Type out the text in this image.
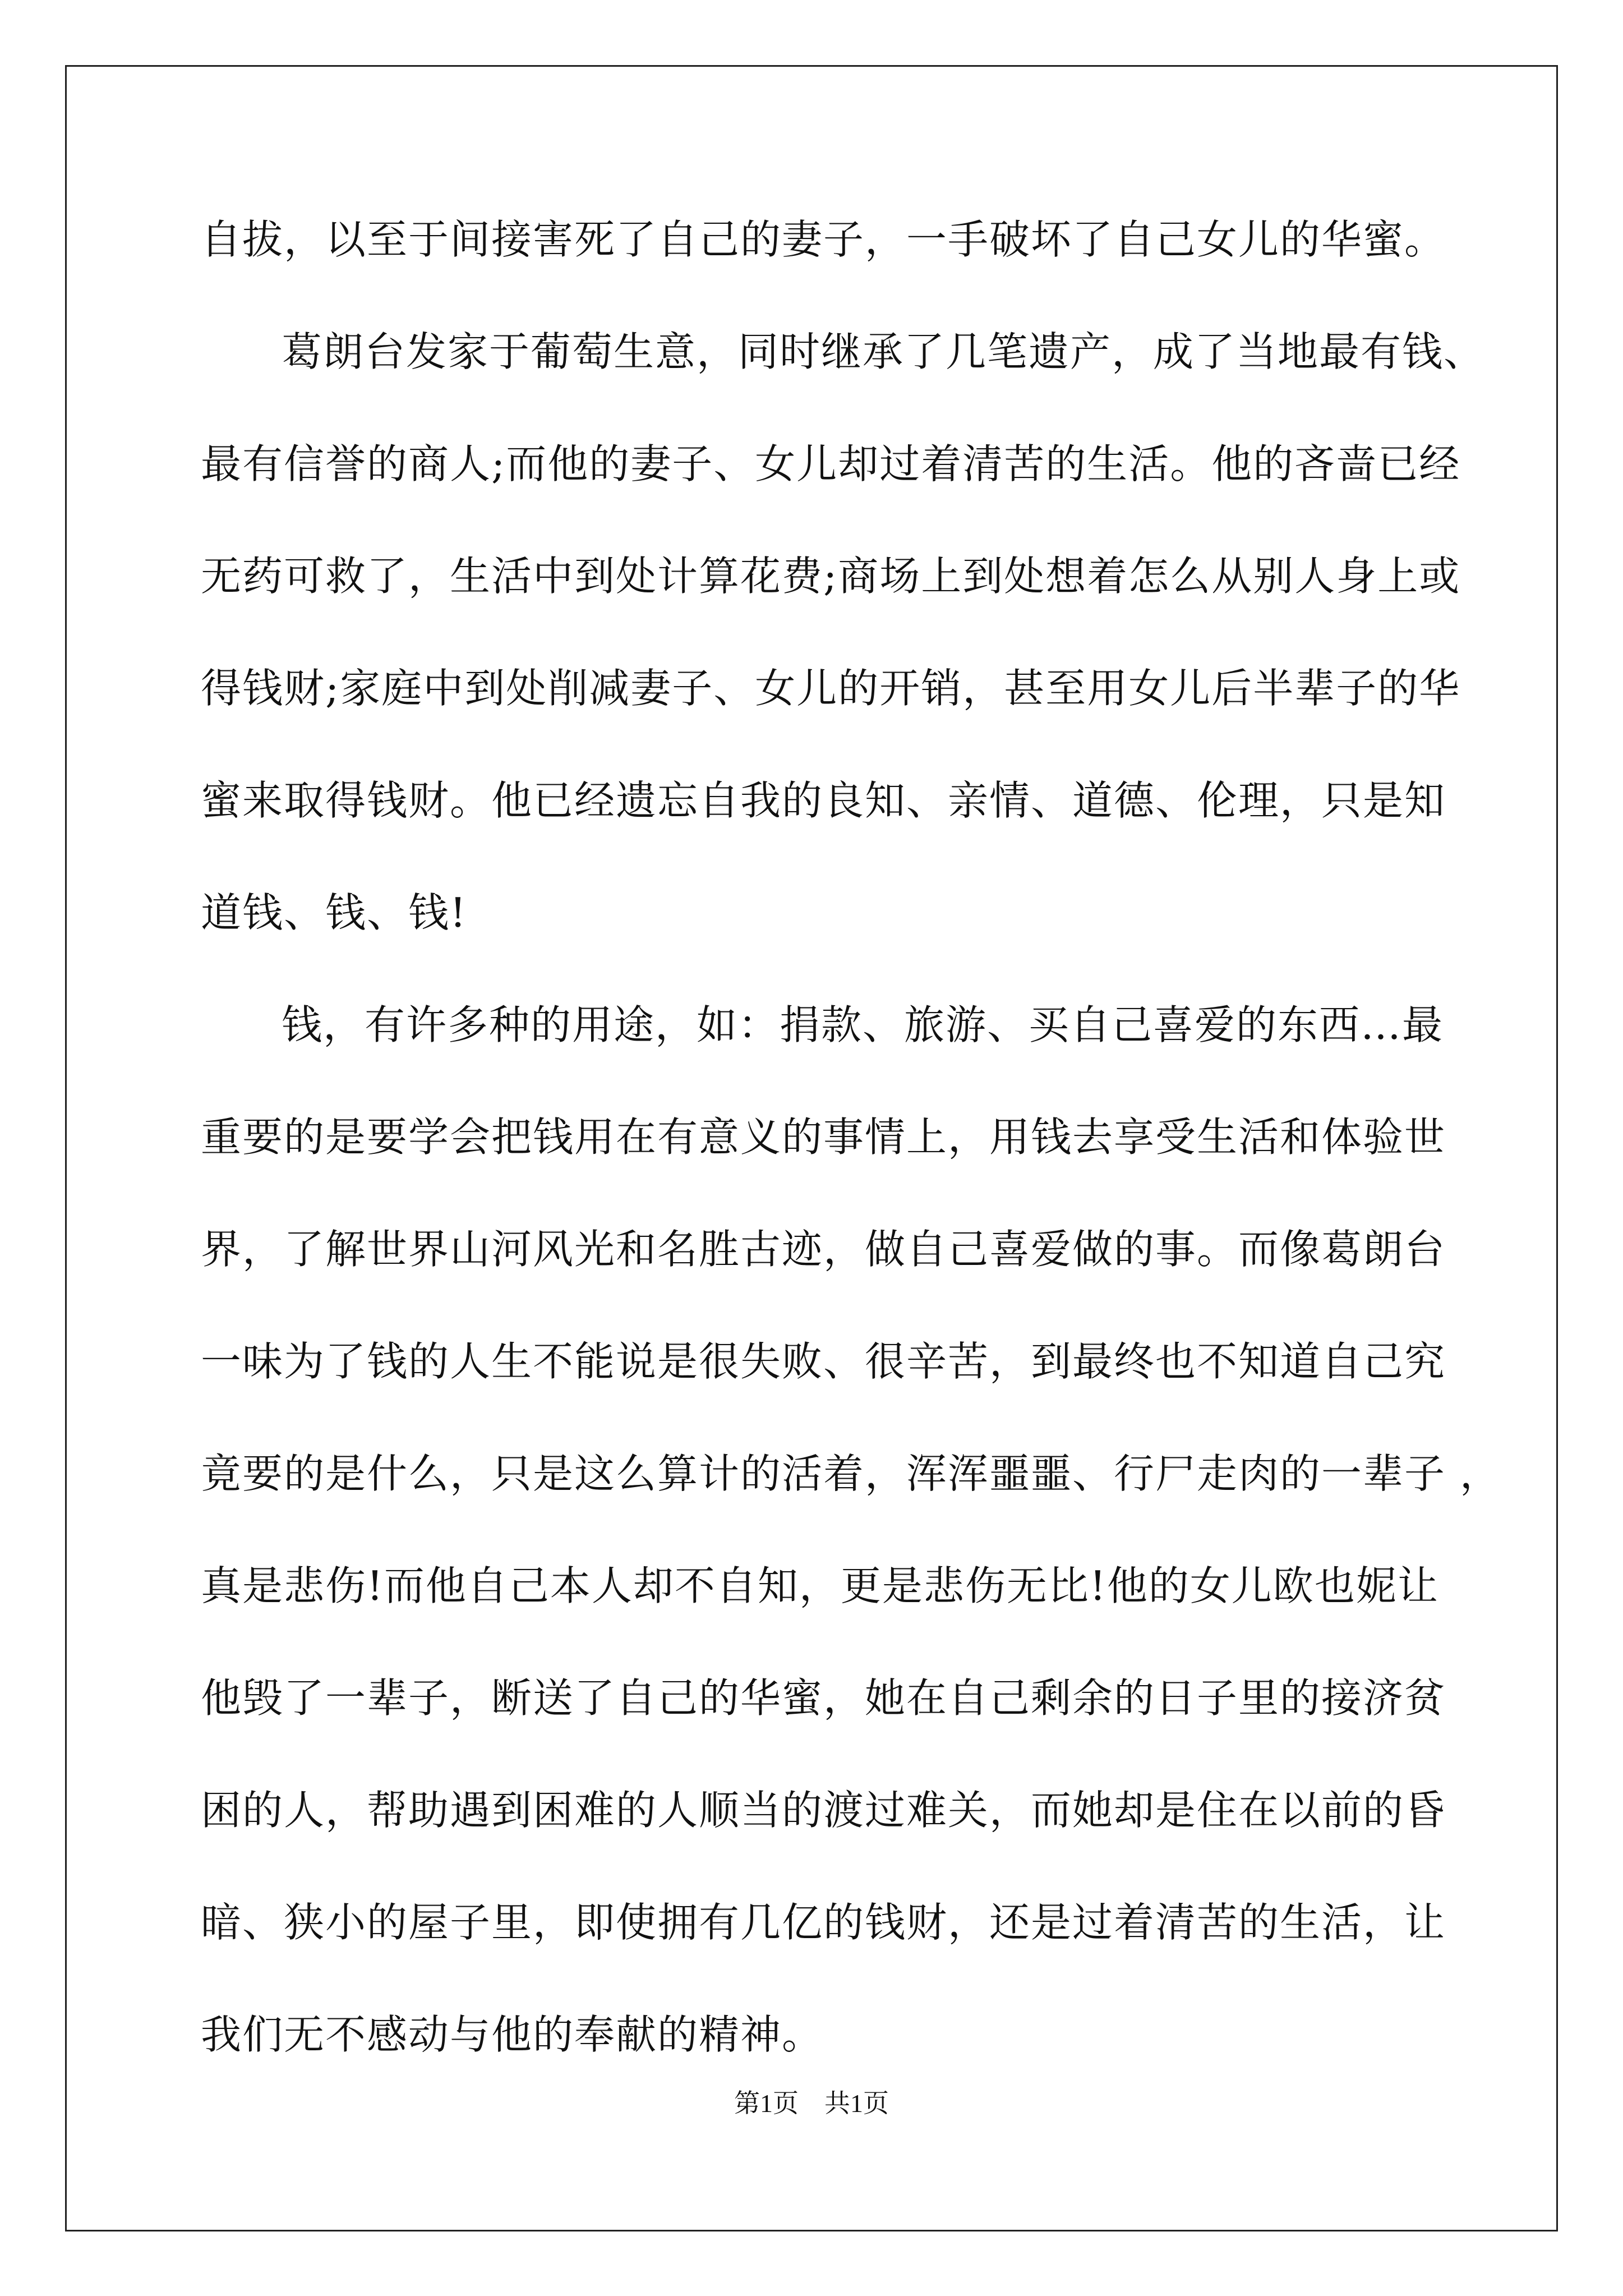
自拔，以至于间接害死了自己的妻子，一手破坏了自己女儿的华蜜。
葛朗台发家于葡萄生意，同时继承了几笔遗产，成了当地最有钱、
最有信誉的商人;而他的妻子、女儿却过着清苦的生活。他的吝啬已经
无药可救了，生活中到处计算花费;商场上到处想着怎么从别人身上或
得钱财;家庭中到处削减妻子、女儿的开销，甚至用女儿后半辈子的华
蜜来取得钱财。他已经遗忘自我的良知、亲情、道德、伦理，只是知
道钱、钱、钱!
钱，有许多种的用途，如：捐款、旅游、买自己喜爱的东西…最
重要的是要学会把钱用在有意义的事情上，用钱去享受生活和体验世
界，了解世界山河风光和名胜古迹，做自己喜爱做的事。而像葛朗台
一味为了钱的人生不能说是很失败、很辛苦，到最终也不知道自己究
竟要的是什么，只是这么算计的活着，浑浑噩噩、行尸走肉的一辈子 ，
真是悲伤!而他自己本人却不自知，更是悲伤无比!他的女儿欧也妮让
他毁了一辈子，断送了自己的华蜜，她在自己剩余的日子里的接济贫
困的人，帮助遇到困难的人顺当的渡过难关，而她却是住在以前的昏
暗、狭小的屋子里，即使拥有几亿的钱财，还是过着清苦的生活，让
我们无不感动与他的奉献的精神。
第1页　共1页
